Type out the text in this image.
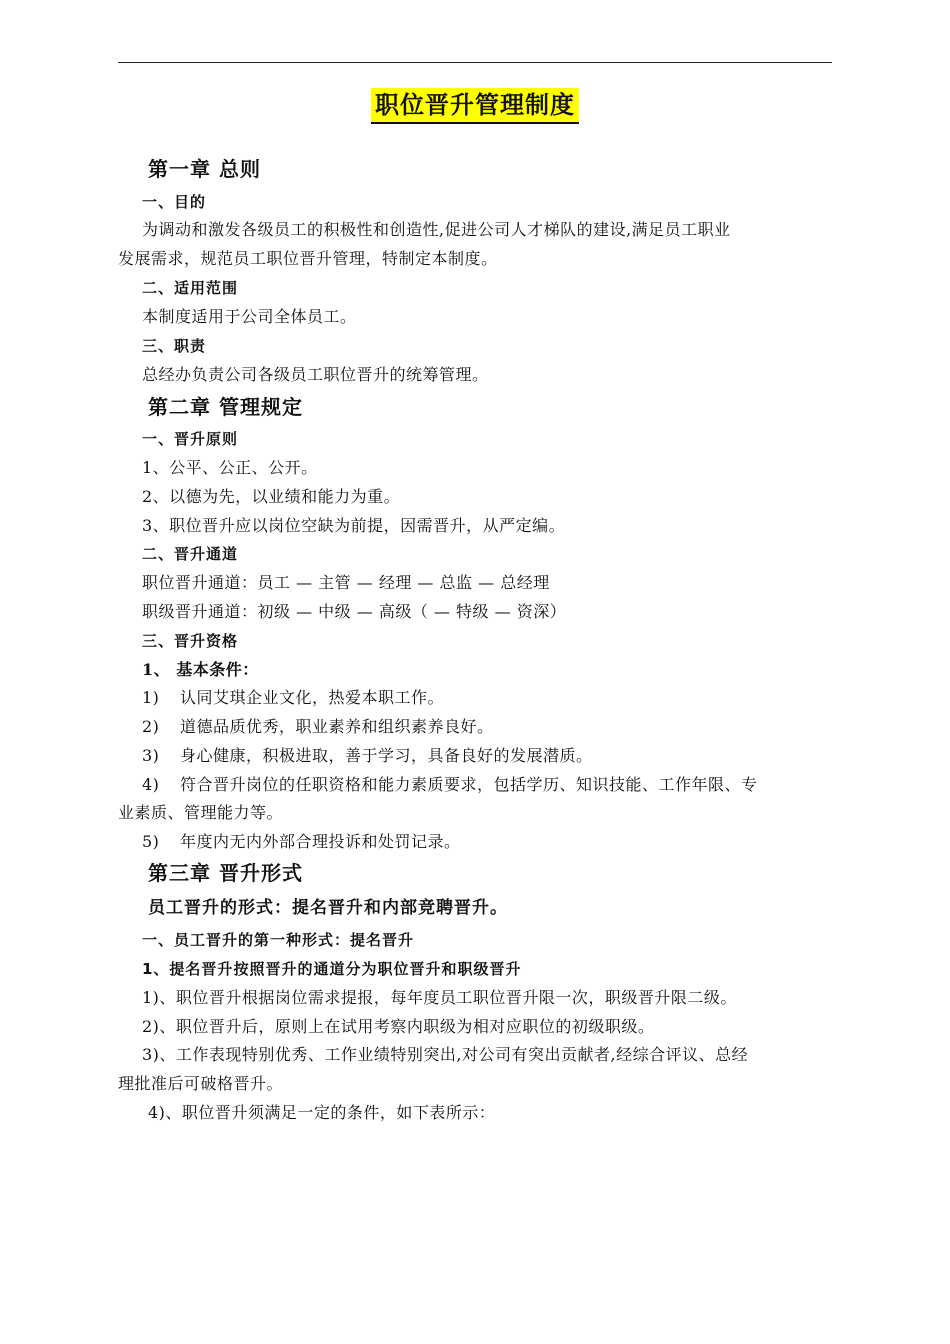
职位晋升管理制度
第一章 总则
一、目的
为调动和激发各级员工的积极性和创造性,促进公司人才梯队的建设,满足员工职业
发展需求，规范员工职位晋升管理，特制定本制度。
二、适用范围
本制度适用于公司全体员工。
三、职责
总经办负责公司各级员工职位晋升的统筹管理。
第二章 管理规定
一、晋升原则
1、公平、公正、公开。
2、以德为先，以业绩和能力为重。
3、职位晋升应以岗位空缺为前提，因需晋升，从严定编。
二、晋升通道
职位晋升通道：员工 — 主管 — 经理 — 总监 — 总经理
职级晋升通道：初级 — 中级 — 高级（ — 特级 — 资深）
三、晋升资格
1、 基本条件：
1) 认同艾琪企业文化，热爱本职工作。
2) 道德品质优秀，职业素养和组织素养良好。
3) 身心健康，积极进取，善于学习，具备良好的发展潜质。
4) 符合晋升岗位的任职资格和能力素质要求，包括学历、知识技能、工作年限、专
业素质、管理能力等。
5) 年度内无内外部合理投诉和处罚记录。
第三章 晋升形式
员工晋升的形式：提名晋升和内部竞聘晋升。
一、员工晋升的第一种形式：提名晋升
1、提名晋升按照晋升的通道分为职位晋升和职级晋升
1)、职位晋升根据岗位需求提报，每年度员工职位晋升限一次，职级晋升限二级。
2)、职位晋升后，原则上在试用考察内职级为相对应职位的初级职级。
3)、工作表现特别优秀、工作业绩特别突出,对公司有突出贡献者,经综合评议、总经
理批准后可破格晋升。
4)、职位晋升须满足一定的条件，如下表所示：
